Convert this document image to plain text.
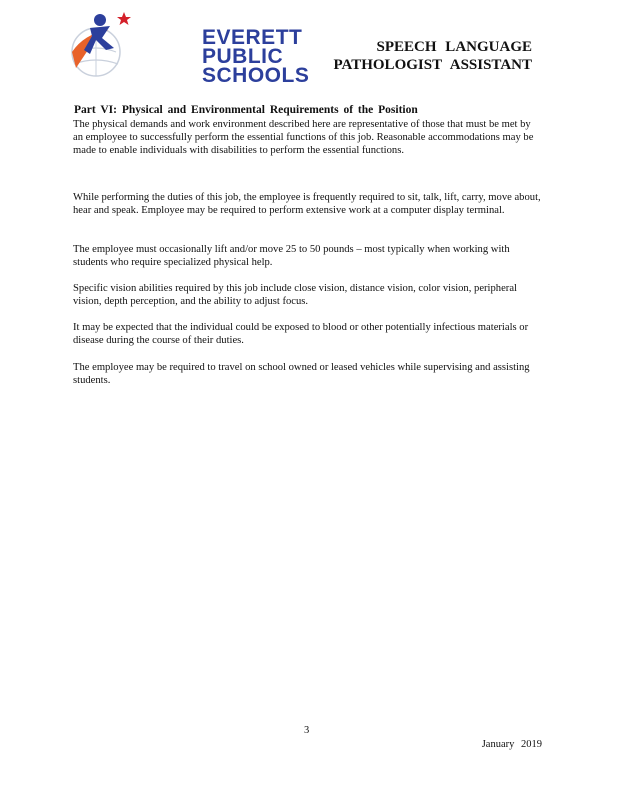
EVERETT
PUBLIC
SCHOOLS
SPEECH LANGUAGE
PATHOLOGIST ASSISTANT
Part VI: Physical and Environmental Requirements of the Position

The physical demands and work environment described here are representative of those that must be met by an employee to successfully perform the essential functions of this job. Reasonable accommodations may be made to enable individuals with disabilities to perform the essential functions.

While performing the duties of this job, the employee is frequently required to sit, talk, lift, carry, move about, hear and speak. Employee may be required to perform extensive work at a computer display terminal.

The employee must occasionally lift and/or move 25 to 50 pounds – most typically when working with students who require specialized physical help.

Specific vision abilities required by this job include close vision, distance vision, color vision, peripheral vision, depth perception, and the ability to adjust focus.

It may be expected that the individual could be exposed to blood or other potentially infectious materials or disease during the course of their duties.

The employee may be required to travel on school owned or leased vehicles while supervising and assisting students.

3
January 2019
